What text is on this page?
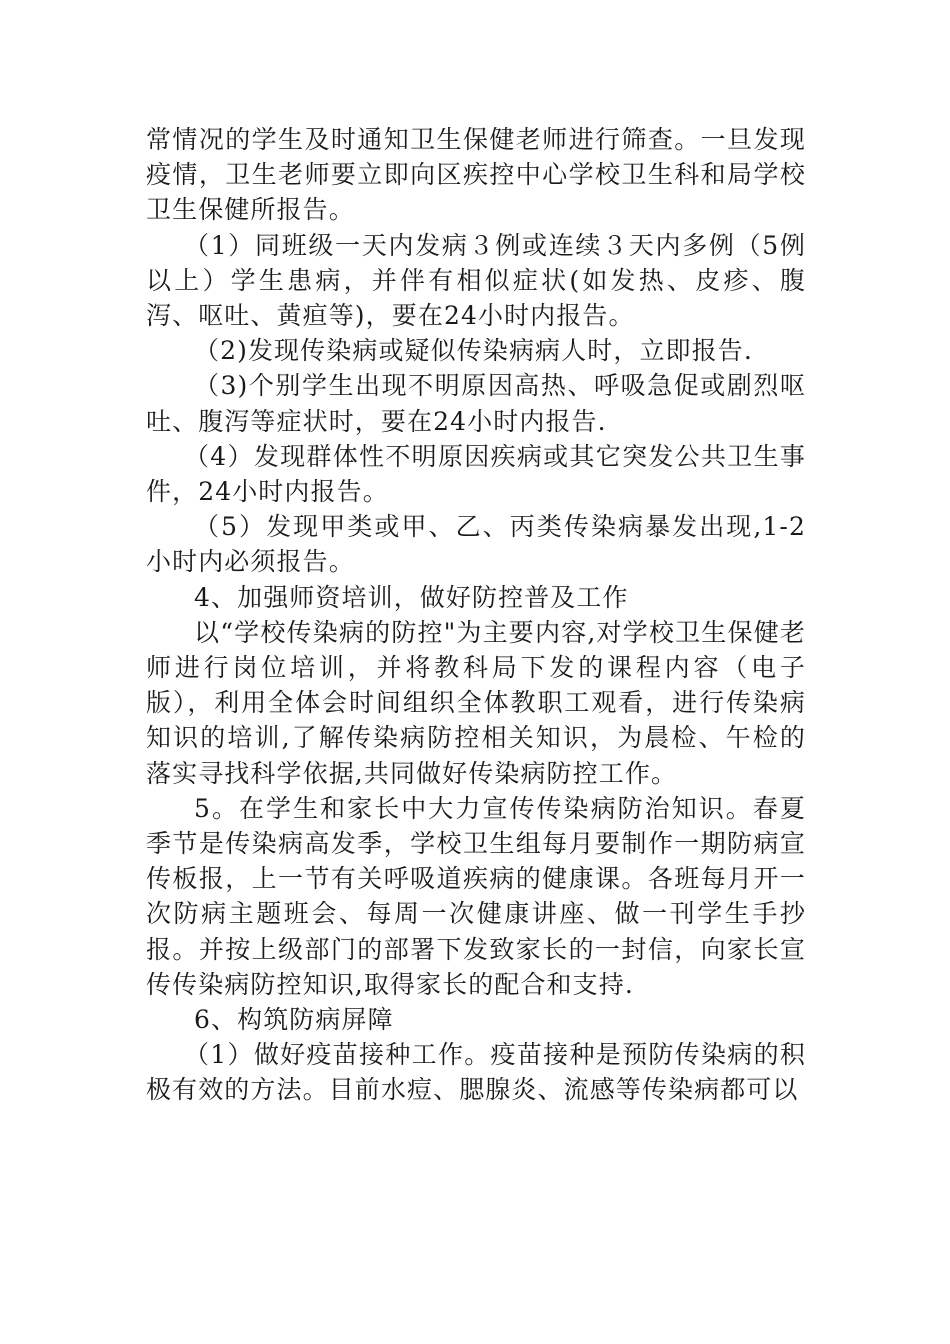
常情况的学生及时通知卫生保健老师进行筛查。一旦发现疫情，卫生老师要立即向区疾控中心学校卫生科和局学校卫生保健所报告。

（1）同班级一天内发病３例或连续３天内多例（5例以上）学生患病，并伴有相似症状(如发热、皮疹、腹泻、呕吐、黄疸等)，要在24小时内报告。

（2)发现传染病或疑似传染病病人时，立即报告.

（3)个别学生出现不明原因高热、呼吸急促或剧烈呕吐、腹泻等症状时，要在24小时内报告.

（4）发现群体性不明原因疾病或其它突发公共卫生事件，24小时内报告。

（5）发现甲类或甲、乙、丙类传染病暴发出现,1-2小时内必须报告。

4、加强师资培训，做好防控普及工作

以“学校传染病的防控"为主要内容,对学校卫生保健老师进行岗位培训，并将教科局下发的课程内容（电子版），利用全体会时间组织全体教职工观看，进行传染病知识的培训,了解传染病防控相关知识，为晨检、午检的落实寻找科学依据,共同做好传染病防控工作。

5。在学生和家长中大力宣传传染病防治知识。春夏季节是传染病高发季，学校卫生组每月要制作一期防病宣传板报，上一节有关呼吸道疾病的健康课。各班每月开一次防病主题班会、每周一次健康讲座、做一刊学生手抄报。并按上级部门的部署下发致家长的一封信，向家长宣传传染病防控知识,取得家长的配合和支持.

6、构筑防病屏障

（1）做好疫苗接种工作。疫苗接种是预防传染病的积极有效的方法。目前水痘、腮腺炎、流感等传染病都可以
